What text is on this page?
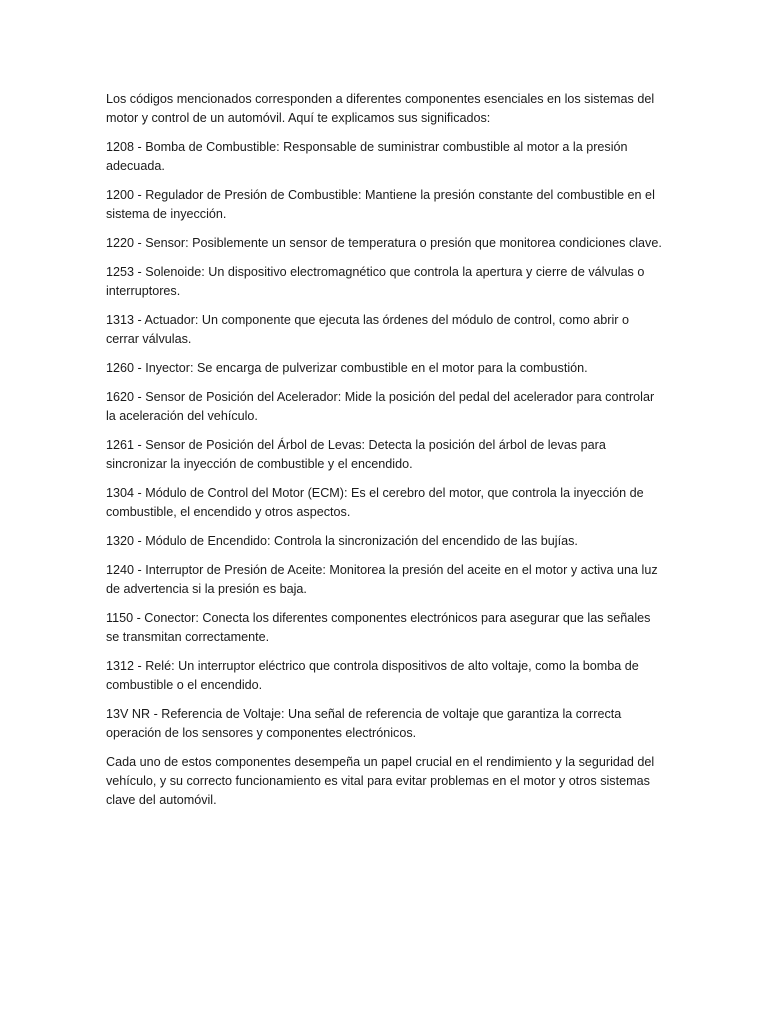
Los códigos mencionados corresponden a diferentes componentes esenciales en los sistemas del motor y control de un automóvil. Aquí te explicamos sus significados:

1208 - Bomba de Combustible: Responsable de suministrar combustible al motor a la presión adecuada.

1200 - Regulador de Presión de Combustible: Mantiene la presión constante del combustible en el sistema de inyección.

1220 - Sensor: Posiblemente un sensor de temperatura o presión que monitorea condiciones clave.

1253 - Solenoide: Un dispositivo electromagnético que controla la apertura y cierre de válvulas o interruptores.

1313 - Actuador: Un componente que ejecuta las órdenes del módulo de control, como abrir o cerrar válvulas.

1260 - Inyector: Se encarga de pulverizar combustible en el motor para la combustión.

1620 - Sensor de Posición del Acelerador: Mide la posición del pedal del acelerador para controlar la aceleración del vehículo.

1261 - Sensor de Posición del Árbol de Levas: Detecta la posición del árbol de levas para sincronizar la inyección de combustible y el encendido.

1304 - Módulo de Control del Motor (ECM): Es el cerebro del motor, que controla la inyección de combustible, el encendido y otros aspectos.

1320 - Módulo de Encendido: Controla la sincronización del encendido de las bujías.

1240 - Interruptor de Presión de Aceite: Monitorea la presión del aceite en el motor y activa una luz de advertencia si la presión es baja.

1150 - Conector: Conecta los diferentes componentes electrónicos para asegurar que las señales se transmitan correctamente.

1312 - Relé: Un interruptor eléctrico que controla dispositivos de alto voltaje, como la bomba de combustible o el encendido.

13V NR - Referencia de Voltaje: Una señal de referencia de voltaje que garantiza la correcta operación de los sensores y componentes electrónicos.

Cada uno de estos componentes desempeña un papel crucial en el rendimiento y la seguridad del vehículo, y su correcto funcionamiento es vital para evitar problemas en el motor y otros sistemas clave del automóvil.
